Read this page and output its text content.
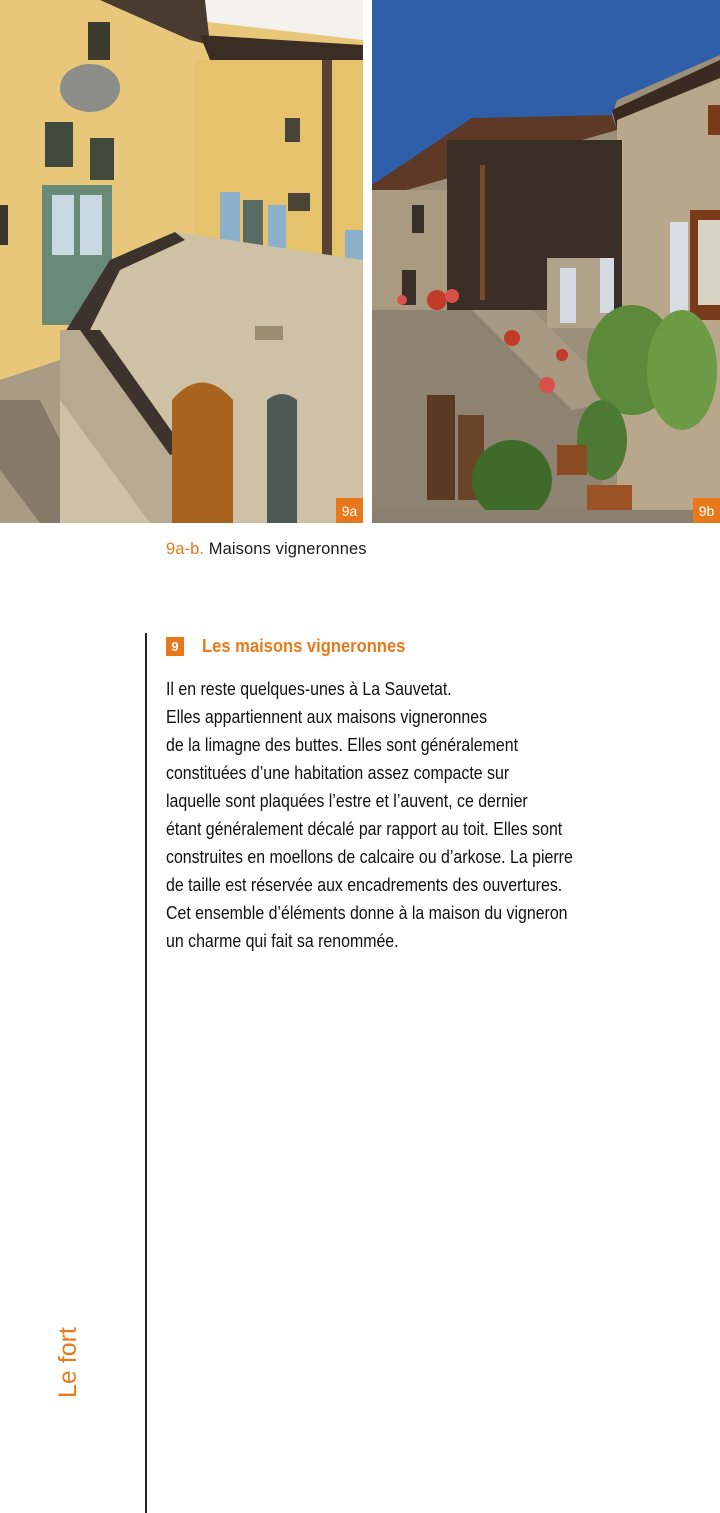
9a	9b
9a-b. Maisons vigneronnes
9 Les maisons vigneronnes

Il en reste quelques-unes à La Sauvetat.
Elles appartiennent aux maisons vigneronnes
de la limagne des buttes. Elles sont généralement
constituées d’une habitation assez compacte sur
laquelle sont plaquées l’estre et l’auvent, ce dernier
étant généralement décalé par rapport au toit. Elles sont
construites en moellons de calcaire ou d’arkose. La pierre
de taille est réservée aux encadrements des ouvertures.
Cet ensemble d’éléments donne à la maison du vigneron
un charme qui fait sa renommée.

Le fort
